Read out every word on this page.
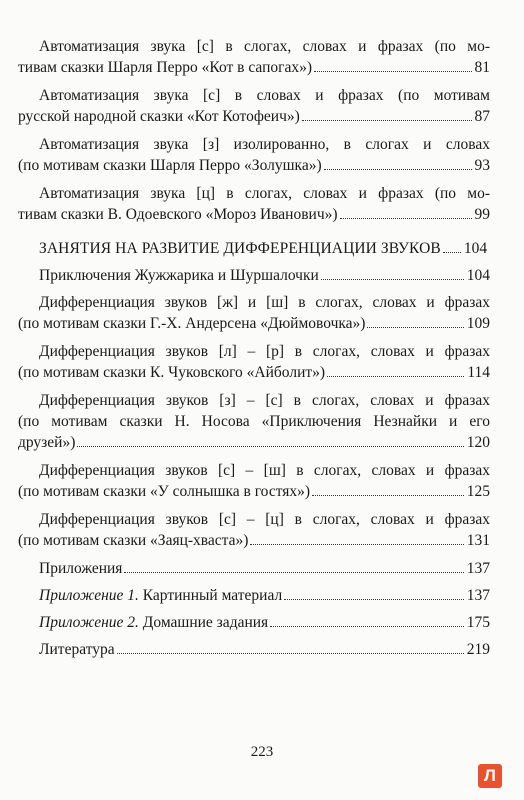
Автоматизация звука [с] в слогах, словах и фразах (по мо-
тивам сказки Шарля Перро «Кот в сапогах»)	81
Автоматизация звука [с] в словах и фразах (по мотивам
русской народной сказки «Кот Котофеич»)	87
Автоматизация звука [з] изолированно, в слогах и словах
(по мотивам сказки Шарля Перро «Золушка»)	93
Автоматизация звука [ц] в слогах, словах и фразах (по мо-
тивам сказки В. Одоевского «Мороз Иванович»)	99
ЗАНЯТИЯ НА РАЗВИТИЕ ДИФФЕРЕНЦИАЦИИ ЗВУКОВ 104
Приключения Жужжарика и Шуршалочки	104
Дифференциация звуков [ж] и [ш] в слогах, словах и фразах
(по мотивам сказки Г.-Х. Андерсена «Дюймовочка»)	109
Дифференциация звуков [л] – [р] в слогах, словах и фразах
(по мотивам сказки К. Чуковского «Айболит»)	114
Дифференциация звуков [з] – [с] в слогах, словах и фразах
(по мотивам сказки Н. Носова «Приключения Незнайки и его
друзей»)	120
Дифференциация звуков [с] – [ш] в слогах, словах и фразах
(по мотивам сказки «У солнышка в гостях»)	125
Дифференциация звуков [с] – [ц] в слогах, словах и фразах
(по мотивам сказки «Заяц-хваста»)	131
Приложения	137
Приложение 1. Картинный материал	137
Приложение 2. Домашние задания	175
Литература	219
223
Л
